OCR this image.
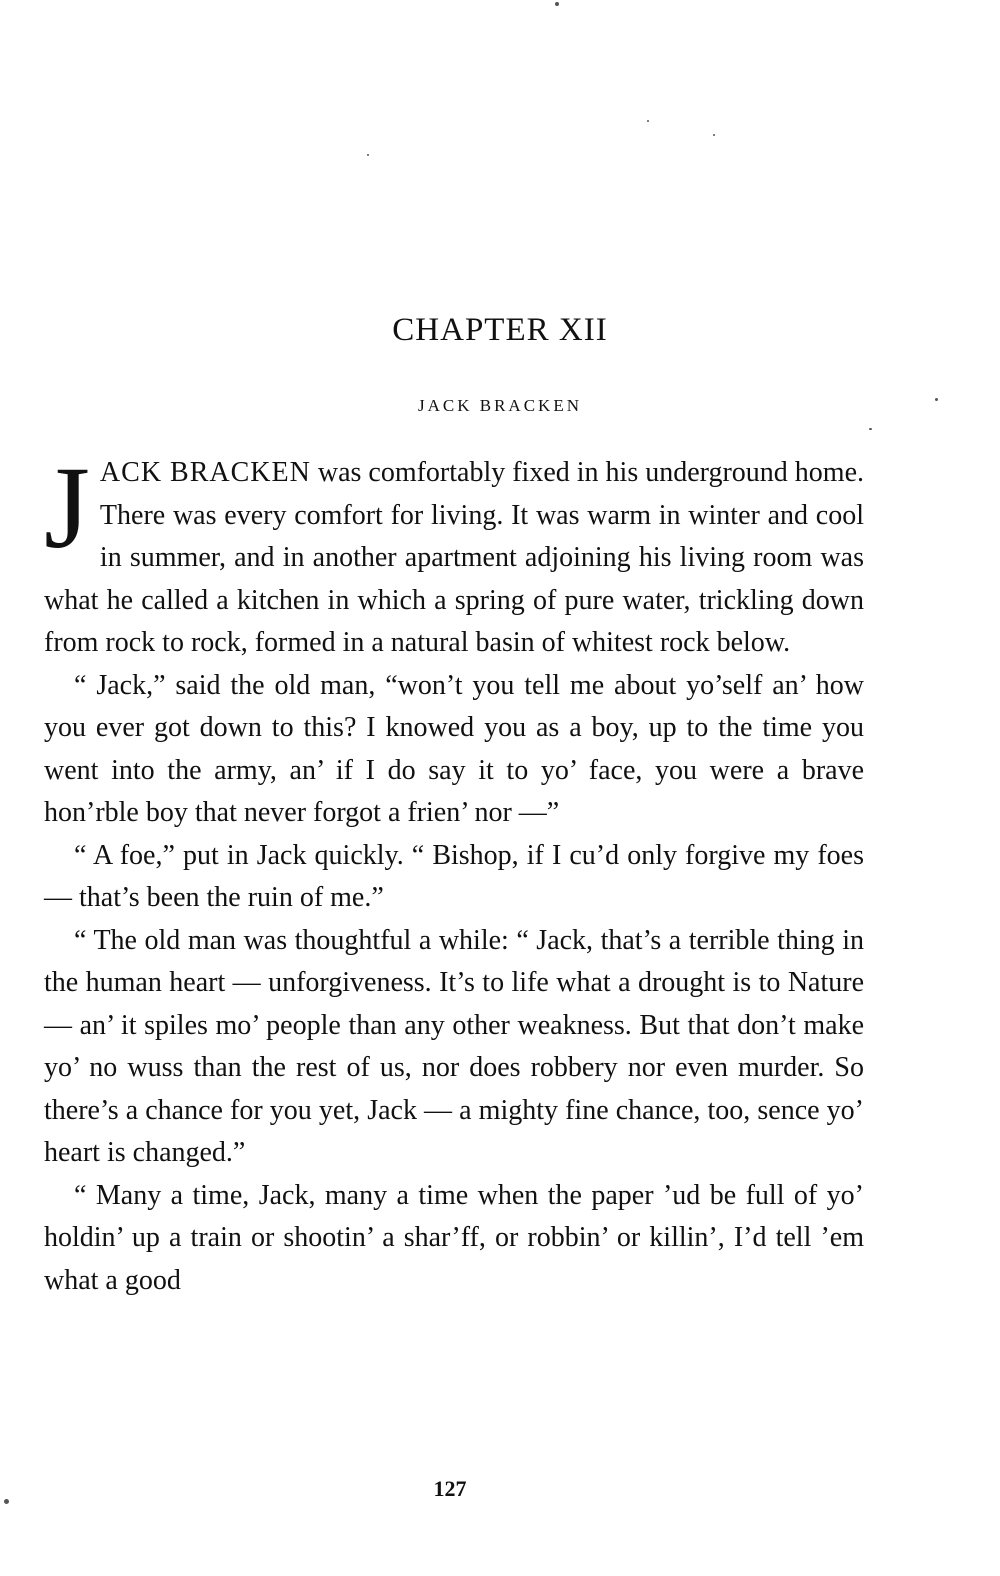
CHAPTER XII
JACK BRACKEN

JACK BRACKEN was comfortably fixed in his underground home. There was every comfort for living. It was warm in winter and cool in summer, and in another apartment adjoining his living room was what he called a kitchen in which a spring of pure water, trickling down from rock to rock, formed in a natural basin of whitest rock below.

“ Jack,” said the old man, “won’t you tell me about yo’self an’ how you ever got down to this? I knowed you as a boy, up to the time you went into the army, an’ if I do say it to yo’ face, you were a brave hon’rble boy that never forgot a frien’ nor —”

“ A foe,” put in Jack quickly. “ Bishop, if I cu’d only forgive my foes — that’s been the ruin of me.”

“ The old man was thoughtful a while: “ Jack, that’s a terrible thing in the human heart — unforgiveness. It’s to life what a drought is to Nature — an’ it spiles mo’ people than any other weakness. But that don’t make yo’ no wuss than the rest of us, nor does robbery nor even murder. So there’s a chance for you yet, Jack — a mighty fine chance, too, sence yo’ heart is changed.”

“ Many a time, Jack, many a time when the paper ’ud be full of yo’ holdin’ up a train or shootin’ a shar’ff, or robbin’ or killin’, I’d tell ’em what a good

127
